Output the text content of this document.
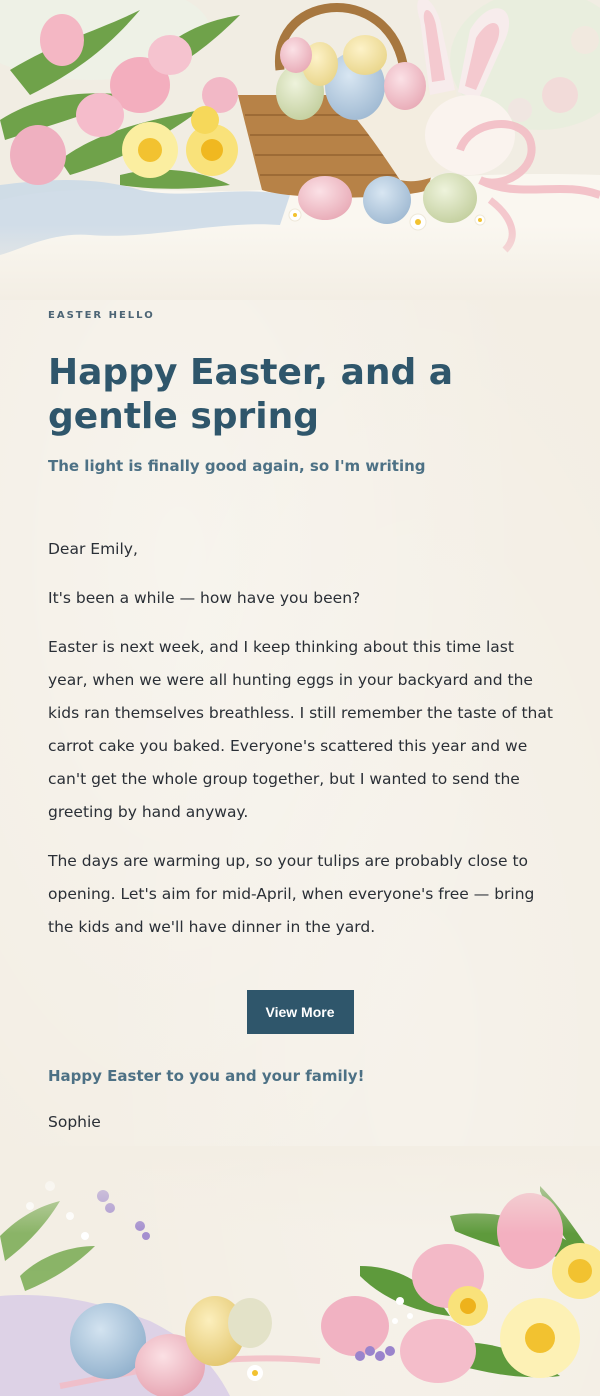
EASTER HELLO

Happy Easter, and a gentle spring

The light is finally good again, so I'm writing

Dear Emily,

It's been a while — how have you been?

Easter is next week, and I keep thinking about this time last year, when we were all hunting eggs in your backyard and the kids ran themselves breathless. I still remember the taste of that carrot cake you baked. Everyone's scattered this year and we can't get the whole group together, but I wanted to send the greeting by hand anyway.

The days are warming up, so your tulips are probably close to opening. Let's aim for mid-April, when everyone's free — bring the kids and we'll have dinner in the yard.

View More

Happy Easter to you and your family!

Sophie
